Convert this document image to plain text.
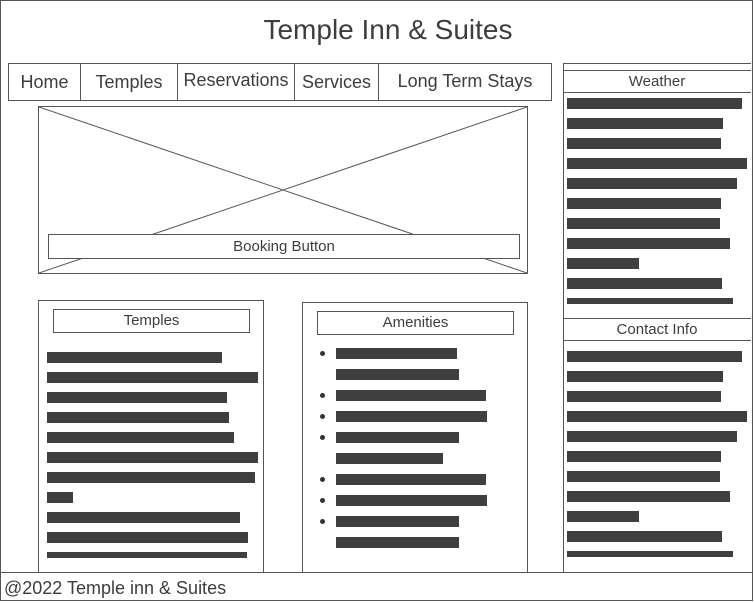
Temple Inn & Suites
Home	Temples	Reservations Services	Long Term Stays
Booking Button
Temples	Amenities
Weather
Contact Info
@2022 Temple inn & Suites
